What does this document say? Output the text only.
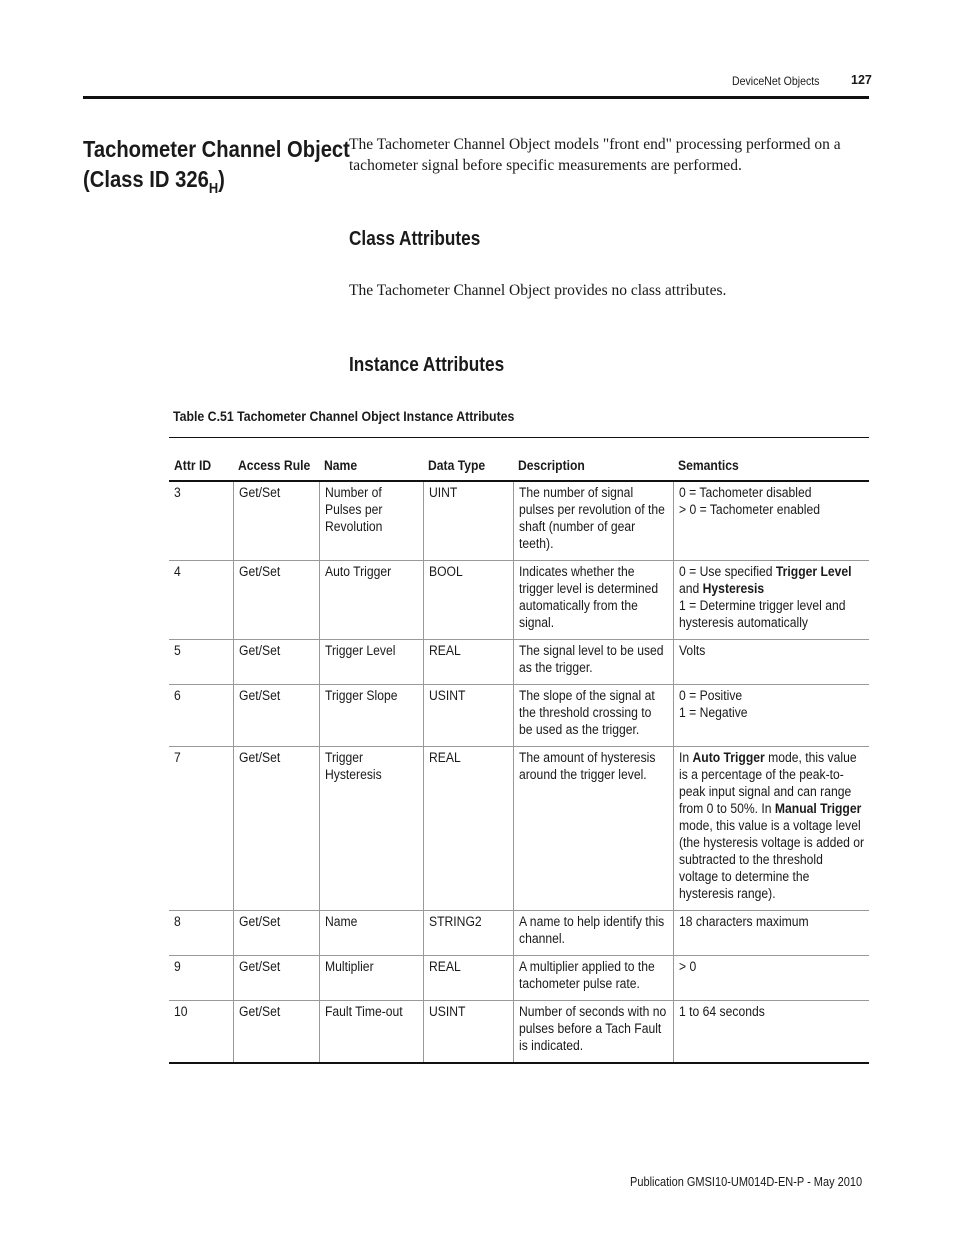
DeviceNet Objects	127
Tachometer Channel Object
(Class ID $326_H$)
The Tachometer Channel Object models "front end" processing performed on a tachometer signal before specific measurements are performed.
Class Attributes
The Tachometer Channel Object provides no class attributes.
Instance Attributes
Table C.51 Tachometer Channel Object Instance Attributes
Attr ID	Access Rule	Name	Data Type	Description	Semantics

3	Get/Set	Number of Pulses per Revolution	UINT	The number of signal pulses per revolution of the shaft (number of gear teeth).	0 = Tachometer disabled
> 0 = Tachometer enabled

4	Get/Set	Auto Trigger	BOOL	Indicates whether the trigger level is determined automatically from the signal.	0 = Use specified Trigger Level and Hysteresis
1 = Determine trigger level and hysteresis automatically

5	Get/Set	Trigger Level	REAL	The signal level to be used as the trigger.	Volts

6	Get/Set	Trigger Slope	USINT	The slope of the signal at the threshold crossing to be used as the trigger.	0 = Positive
1 = Negative

7	Get/Set	Trigger Hysteresis	REAL	The amount of hysteresis around the trigger level.	In Auto Trigger mode, this value is a percentage of the peak-to-peak input signal and can range from 0 to 50%. In Manual Trigger mode, this value is a voltage level (the hysteresis voltage is added or subtracted to the threshold voltage to determine the hysteresis range).

8	Get/Set	Name	STRING2	A name to help identify this channel.	18 characters maximum

9	Get/Set	Multiplier	REAL	A multiplier applied to the tachometer pulse rate.	> 0

10	Get/Set	Fault Time-out	USINT	Number of seconds with no pulses before a Tach Fault is indicated.	1 to 64 seconds
Publication GMSI10-UM014D-EN-P - May 2010
